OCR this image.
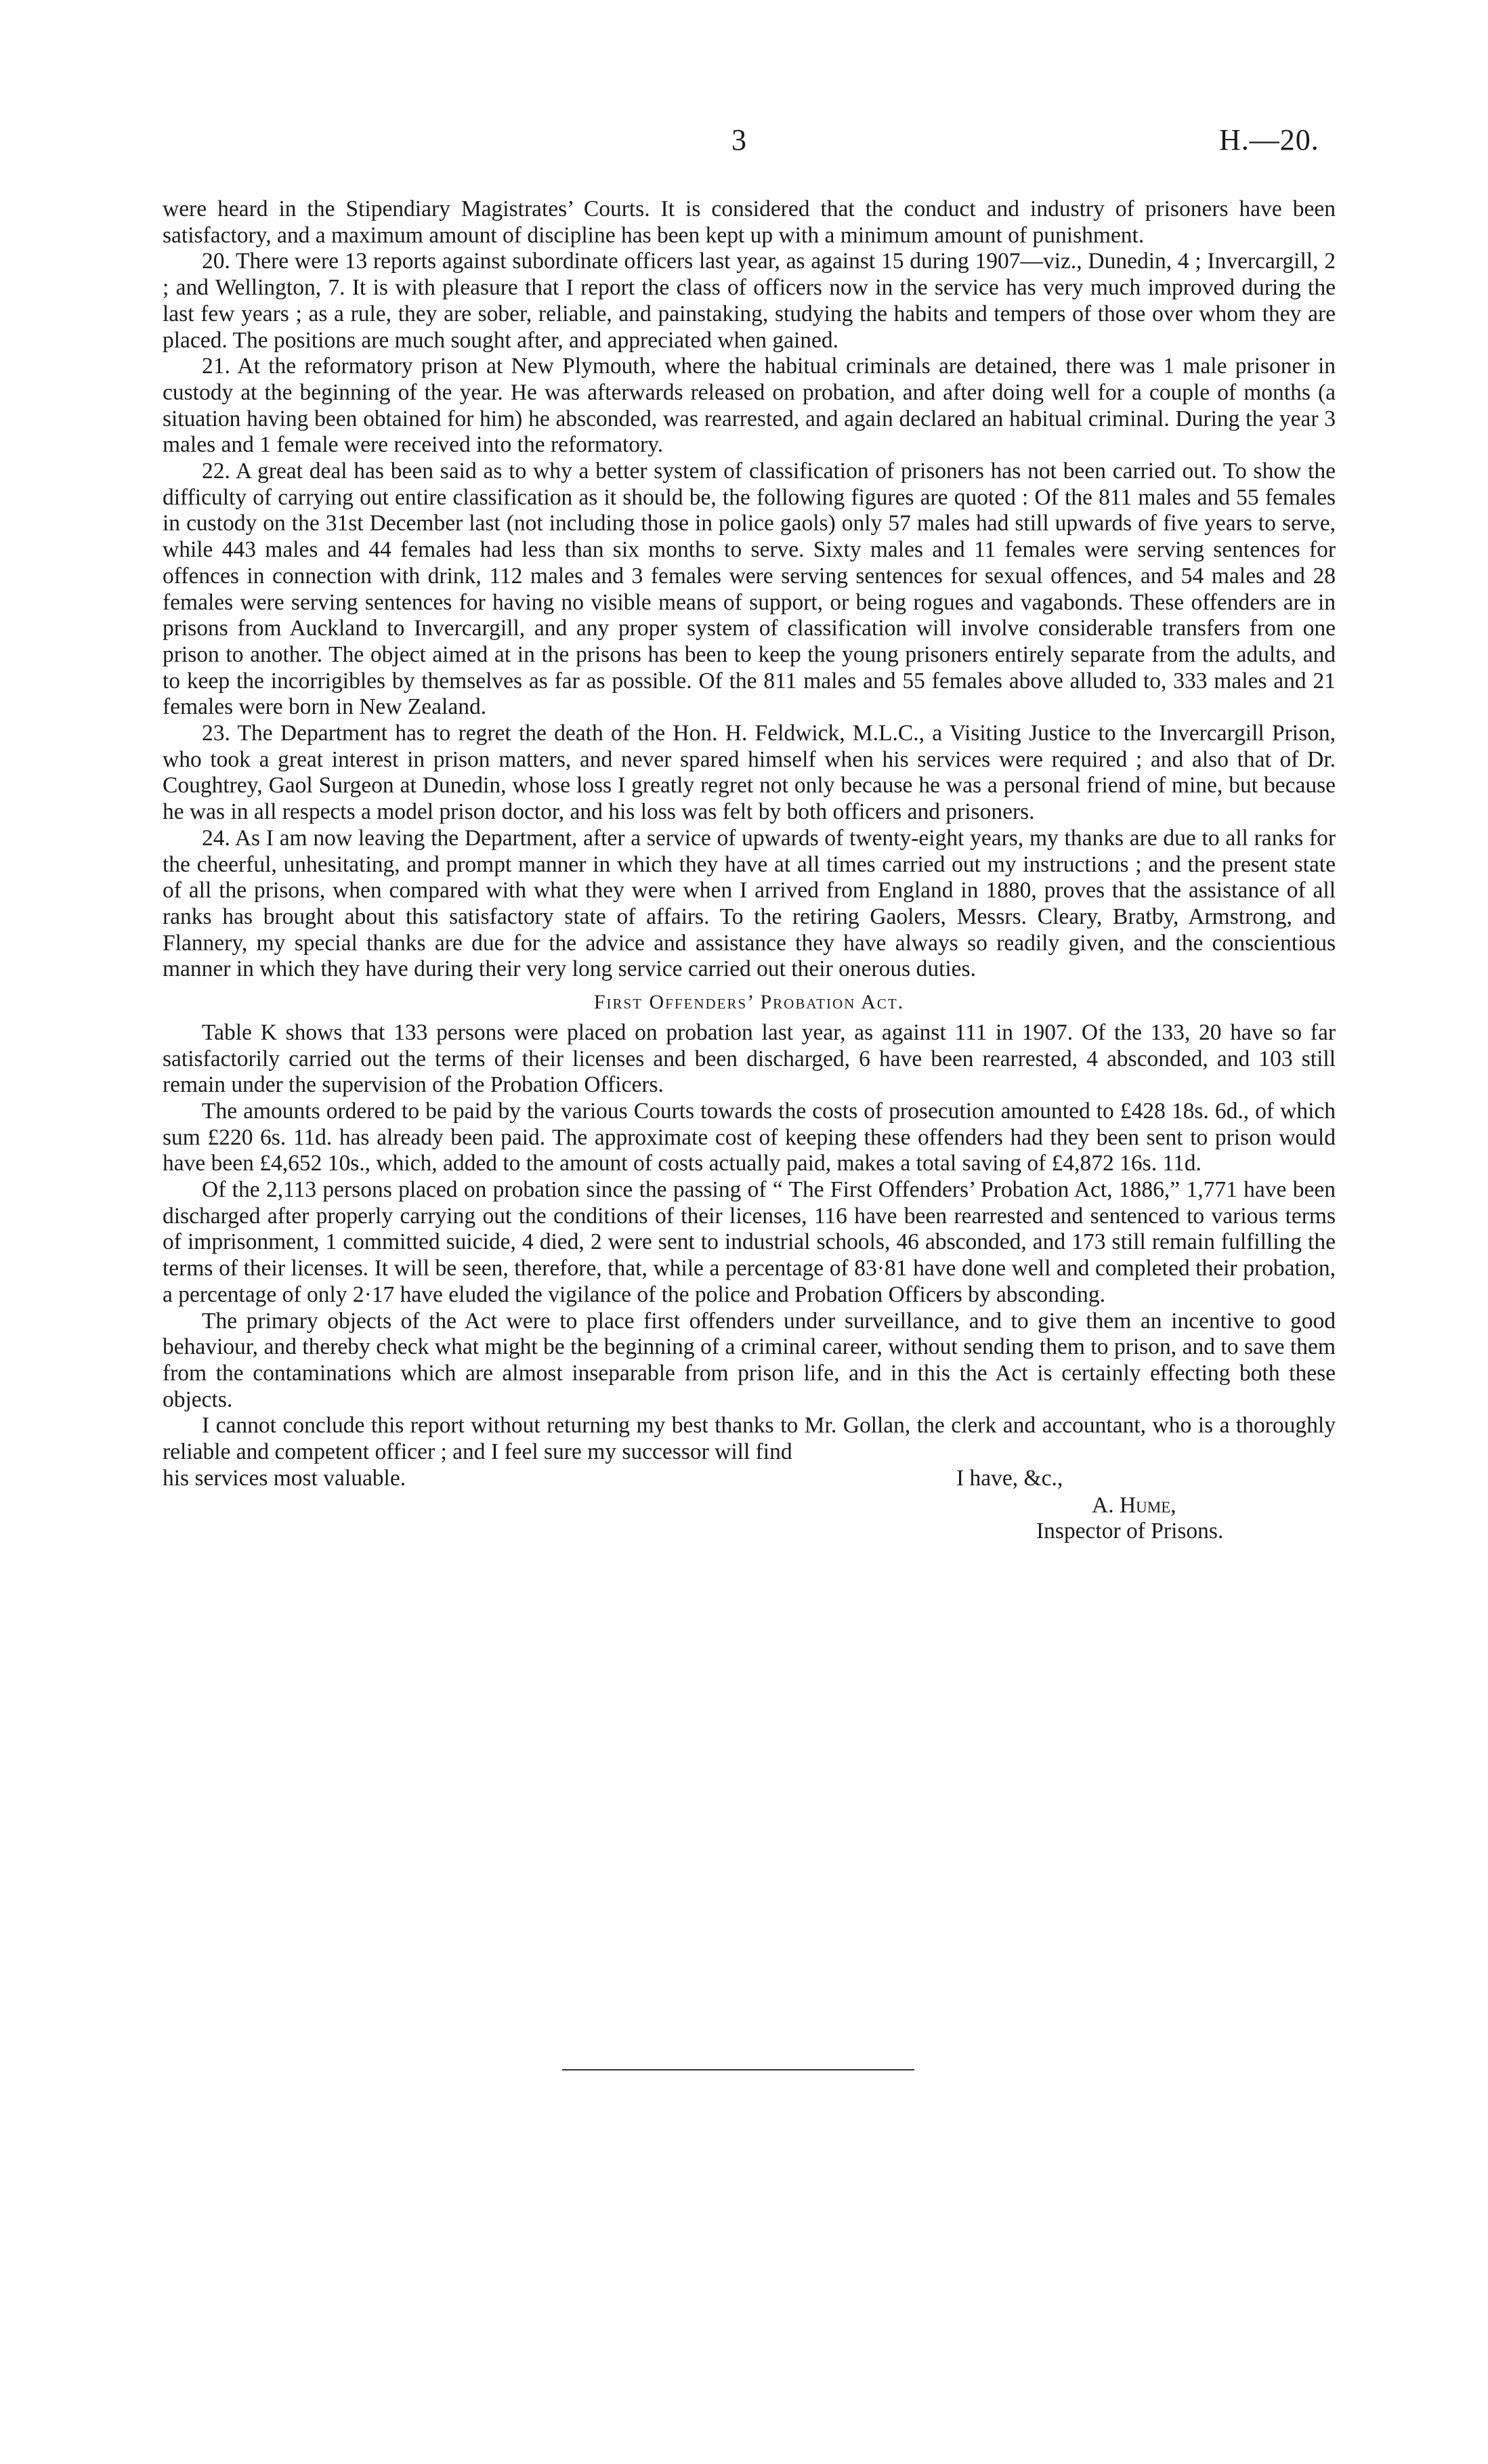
3	H.—20.

were heard in the Stipendiary Magistrates’ Courts. It is considered that the conduct and industry of prisoners have been satisfactory, and a maximum amount of discipline has been kept up with a minimum amount of punishment.

20. There were 13 reports against subordinate officers last year, as against 15 during 1907—viz., Dunedin, 4 ; Invercargill, 2 ; and Wellington, 7. It is with pleasure that I report the class of officers now in the service has very much improved during the last few years ; as a rule, they are sober, reliable, and painstaking, studying the habits and tempers of those over whom they are placed. The positions are much sought after, and appreciated when gained.

21. At the reformatory prison at New Plymouth, where the habitual criminals are detained, there was 1 male prisoner in custody at the beginning of the year. He was afterwards released on probation, and after doing well for a couple of months (a situation having been obtained for him) he absconded, was rearrested, and again declared an habitual criminal. During the year 3 males and 1 female were received into the reformatory.

22. A great deal has been said as to why a better system of classification of prisoners has not been carried out. To show the difficulty of carrying out entire classification as it should be, the following figures are quoted : Of the 811 males and 55 females in custody on the 31st December last (not including those in police gaols) only 57 males had still upwards of five years to serve, while 443 males and 44 females had less than six months to serve. Sixty males and 11 females were serving sentences for offences in connection with drink, 112 males and 3 females were serving sentences for sexual offences, and 54 males and 28 females were serving sentences for having no visible means of support, or being rogues and vagabonds. These offenders are in prisons from Auckland to Invercargill, and any proper system of classification will involve considerable transfers from one prison to another. The object aimed at in the prisons has been to keep the young prisoners entirely separate from the adults, and to keep the incorrigibles by themselves as far as possible. Of the 811 males and 55 females above alluded to, 333 males and 21 females were born in New Zealand.

23. The Department has to regret the death of the Hon. H. Feldwick, M.L.C., a Visiting Justice to the Invercargill Prison, who took a great interest in prison matters, and never spared himself when his services were required ; and also that of Dr. Coughtrey, Gaol Surgeon at Dunedin, whose loss I greatly regret not only because he was a personal friend of mine, but because he was in all respects a model prison doctor, and his loss was felt by both officers and prisoners.

24. As I am now leaving the Department, after a service of upwards of twenty-eight years, my thanks are due to all ranks for the cheerful, unhesitating, and prompt manner in which they have at all times carried out my instructions ; and the present state of all the prisons, when compared with what they were when I arrived from England in 1880, proves that the assistance of all ranks has brought about this satisfactory state of affairs. To the retiring Gaolers, Messrs. Cleary, Bratby, Armstrong, and Flannery, my special thanks are due for the advice and assistance they have always so readily given, and the conscientious manner in which they have during their very long service carried out their onerous duties.

First Offenders’ Probation Act.

Table K shows that 133 persons were placed on probation last year, as against 111 in 1907. Of the 133, 20 have so far satisfactorily carried out the terms of their licenses and been discharged, 6 have been rearrested, 4 absconded, and 103 still remain under the supervision of the Probation Officers.

The amounts ordered to be paid by the various Courts towards the costs of prosecution amounted to £428 18s. 6d., of which sum £220 6s. 11d. has already been paid. The approximate cost of keeping these offenders had they been sent to prison would have been £4,652 10s., which, added to the amount of costs actually paid, makes a total saving of £4,872 16s. 11d.

Of the 2,113 persons placed on probation since the passing of “ The First Offenders’ Probation Act, 1886,” 1,771 have been discharged after properly carrying out the conditions of their licenses, 116 have been rearrested and sentenced to various terms of imprisonment, 1 committed suicide, 4 died, 2 were sent to industrial schools, 46 absconded, and 173 still remain fulfilling the terms of their licenses. It will be seen, therefore, that, while a percentage of 83·81 have done well and completed their probation, a percentage of only 2·17 have eluded the vigilance of the police and Probation Officers by absconding.

The primary objects of the Act were to place first offenders under surveillance, and to give them an incentive to good behaviour, and thereby check what might be the beginning of a criminal career, without sending them to prison, and to save them from the contaminations which are almost inseparable from prison life, and in this the Act is certainly effecting both these objects.

I cannot conclude this report without returning my best thanks to Mr. Gollan, the clerk and accountant, who is a thoroughly reliable and competent officer ; and I feel sure my successor will find

his services most valuable.	I have, &c.,
A. Hume,
Inspector of Prisons.
